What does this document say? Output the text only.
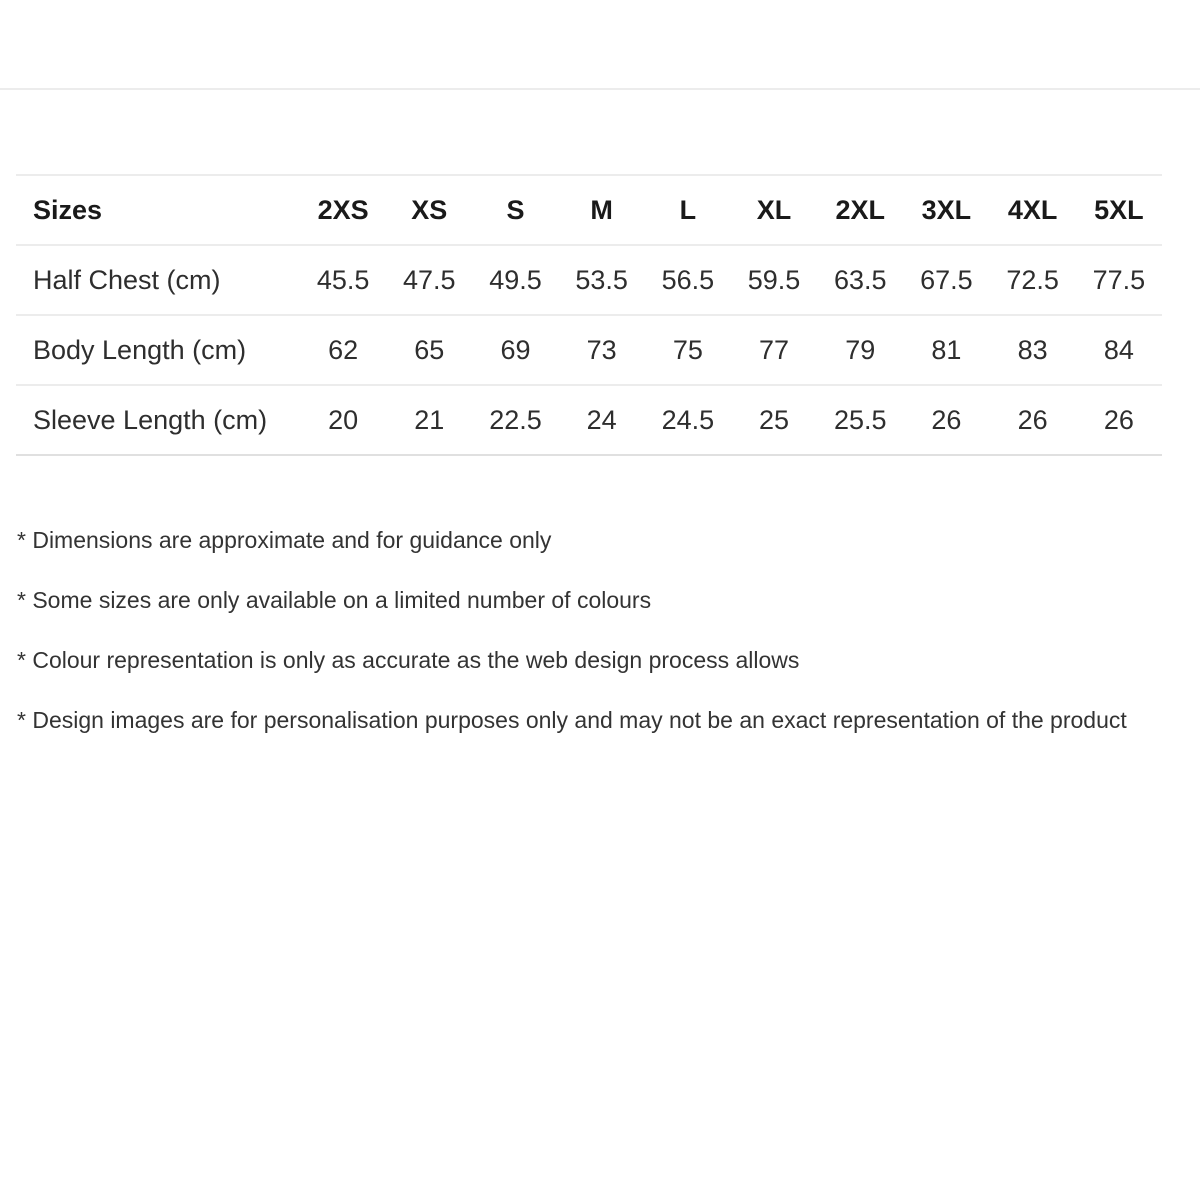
Sizes	2XS	XS	S	M	L	XL	2XL	3XL	4XL	5XL
Half Chest (cm)	45.5	47.5	49.5	53.5	56.5	59.5	63.5	67.5	72.5	77.5
Body Length (cm)	62	65	69	73	75	77	79	81	83	84
Sleeve Length (cm)	20	21	22.5	24	24.5	25	25.5	26	26	26

* Dimensions are approximate and for guidance only

* Some sizes are only available on a limited number of colours

* Colour representation is only as accurate as the web design process allows

* Design images are for personalisation purposes only and may not be an exact representation of the product
